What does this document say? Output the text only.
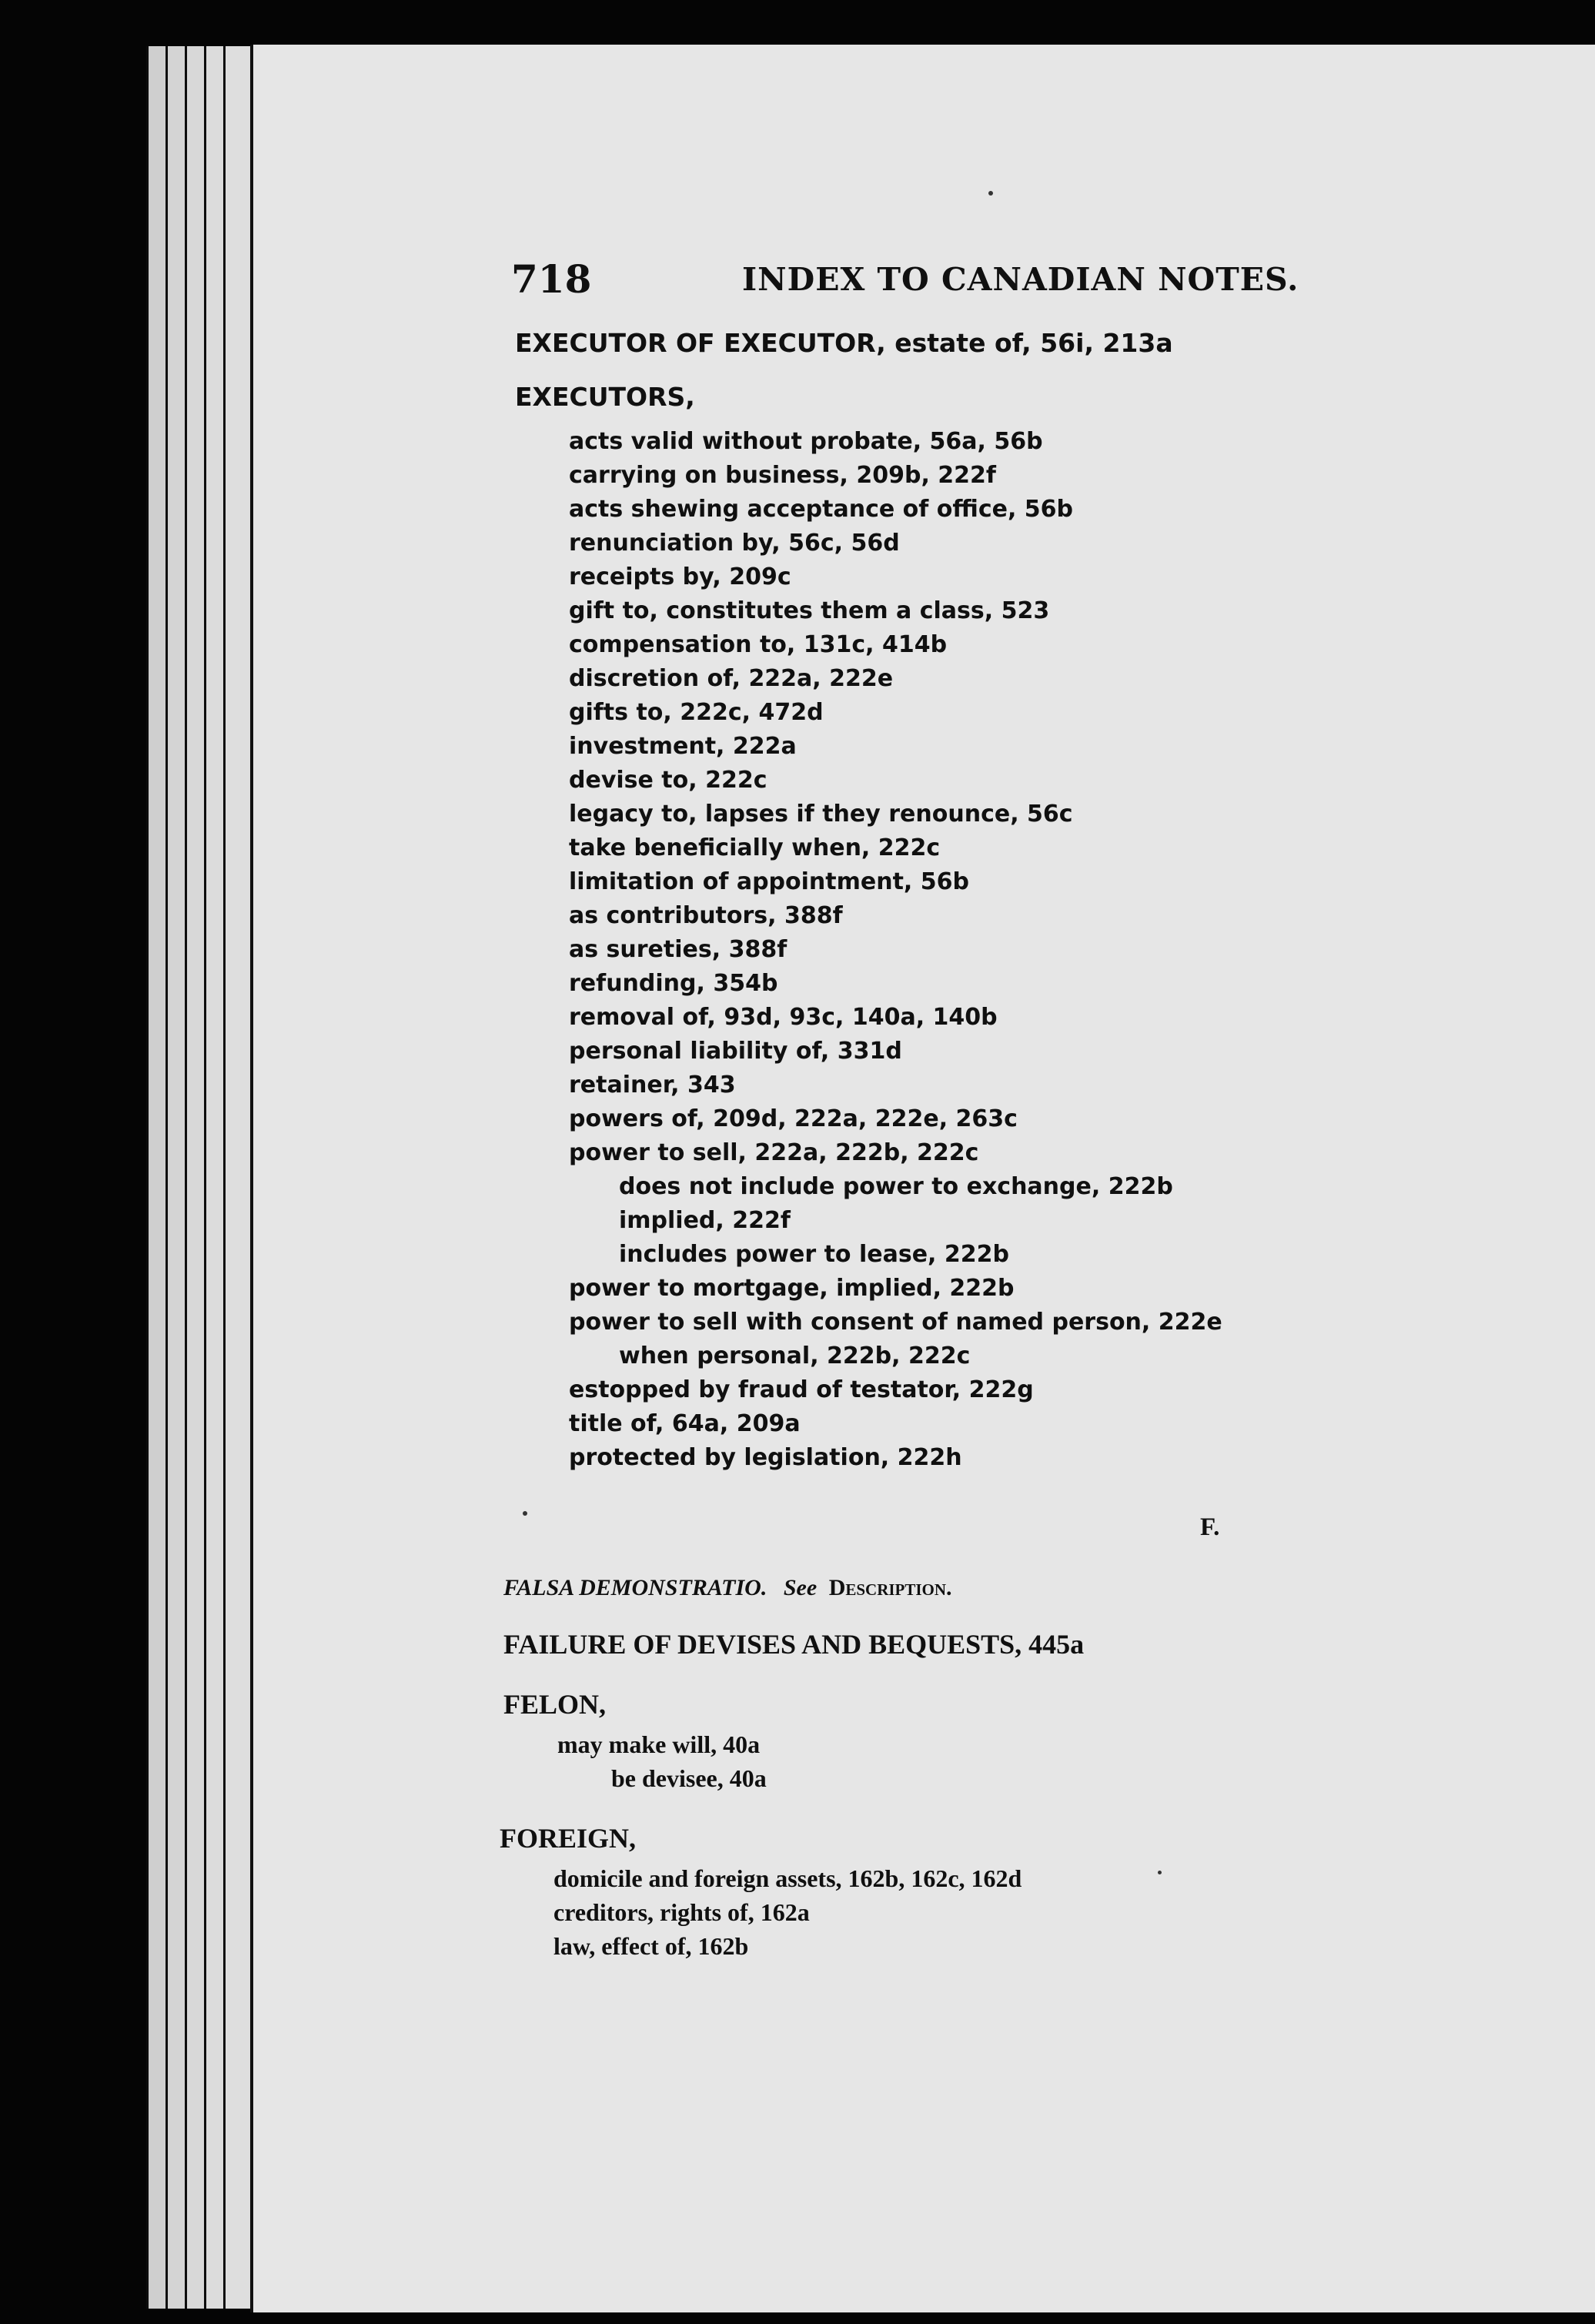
718	INDEX TO CANADIAN NOTES.
EXECUTOR OF EXECUTOR, estate of, 56i, 213a
EXECUTORS,
acts valid without probate, 56a, 56b
carrying on business, 209b, 222f
acts shewing acceptance of office, 56b
renunciation by, 56c, 56d
receipts by, 209c
gift to, constitutes them a class, 523
compensation to, 131c, 414b
discretion of, 222a, 222e
gifts to, 222c, 472d
investment, 222a
devise to, 222c
legacy to, lapses if they renounce, 56c
take beneficially when, 222c
limitation of appointment, 56b
as contributors, 388f
as sureties, 388f
refunding, 354b
removal of, 93d, 93c, 140a, 140b
personal liability of, 331d
retainer, 343
powers of, 209d, 222a, 222e, 263c
power to sell, 222a, 222b, 222c
does not include power to exchange, 222b
implied, 222f
includes power to lease, 222b
power to mortgage, implied, 222b
power to sell with consent of named person, 222e
when personal, 222b, 222c
estopped by fraud of testator, 222g
title of, 64a, 209a
protected by legislation, 222h
F.
FALSA DEMONSTRATIO. See Description.
FAILURE OF DEVISES AND BEQUESTS, 445a
FELON,
may make will, 40a
be devisee, 40a
FOREIGN,
domicile and foreign assets, 162b, 162c, 162d
creditors, rights of, 162a
law, effect of, 162b
